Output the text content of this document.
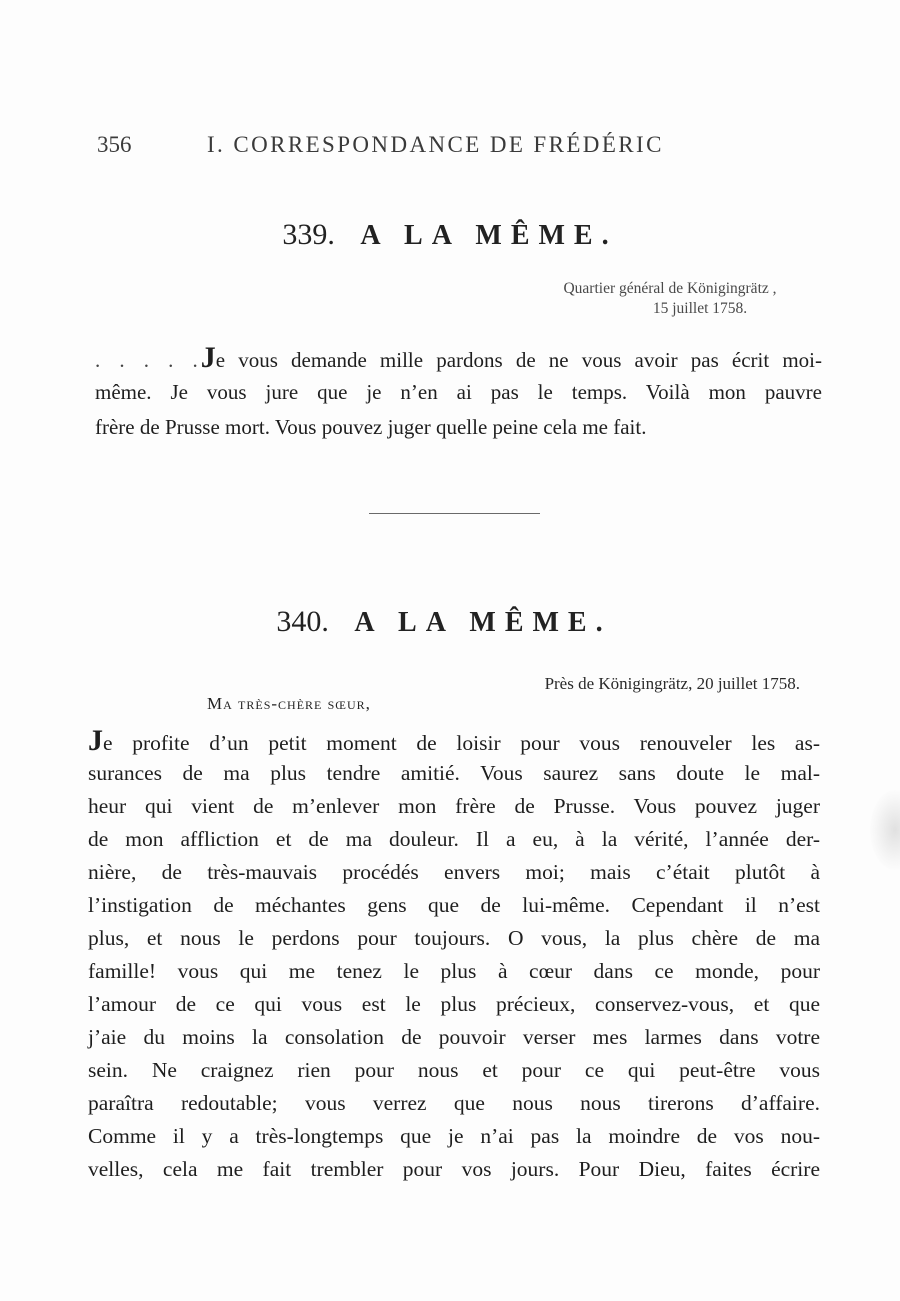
356	I. CORRESPONDANCE DE FRÉDÉRIC
339. A LA MÊME.
Quartier général de Königingrätz ,
15 juillet 1758.
. . . . .Je vous demande mille pardons de ne vous avoir pas écrit moi-
même. Je vous jure que je n’en ai pas le temps. Voilà mon pauvre
frère de Prusse mort. Vous pouvez juger quelle peine cela me fait.
340. A LA MÊME.
Près de Königingrätz, 20 juillet 1758.
Ma très-chère sœur,
Je profite d’un petit moment de loisir pour vous renouveler les as-
surances de ma plus tendre amitié. Vous saurez sans doute le mal-
heur qui vient de m’enlever mon frère de Prusse. Vous pouvez juger
de mon affliction et de ma douleur. Il a eu, à la vérité, l’année der-
nière, de très-mauvais procédés envers moi; mais c’était plutôt à
l’instigation de méchantes gens que de lui-même. Cependant il n’est
plus, et nous le perdons pour toujours. O vous, la plus chère de ma
famille! vous qui me tenez le plus à cœur dans ce monde, pour
l’amour de ce qui vous est le plus précieux, conservez-vous, et que
j’aie du moins la consolation de pouvoir verser mes larmes dans votre
sein. Ne craignez rien pour nous et pour ce qui peut-être vous
paraîtra redoutable; vous verrez que nous nous tirerons d’affaire.
Comme il y a très-longtemps que je n’ai pas la moindre de vos nou-
velles, cela me fait trembler pour vos jours. Pour Dieu, faites écrire
